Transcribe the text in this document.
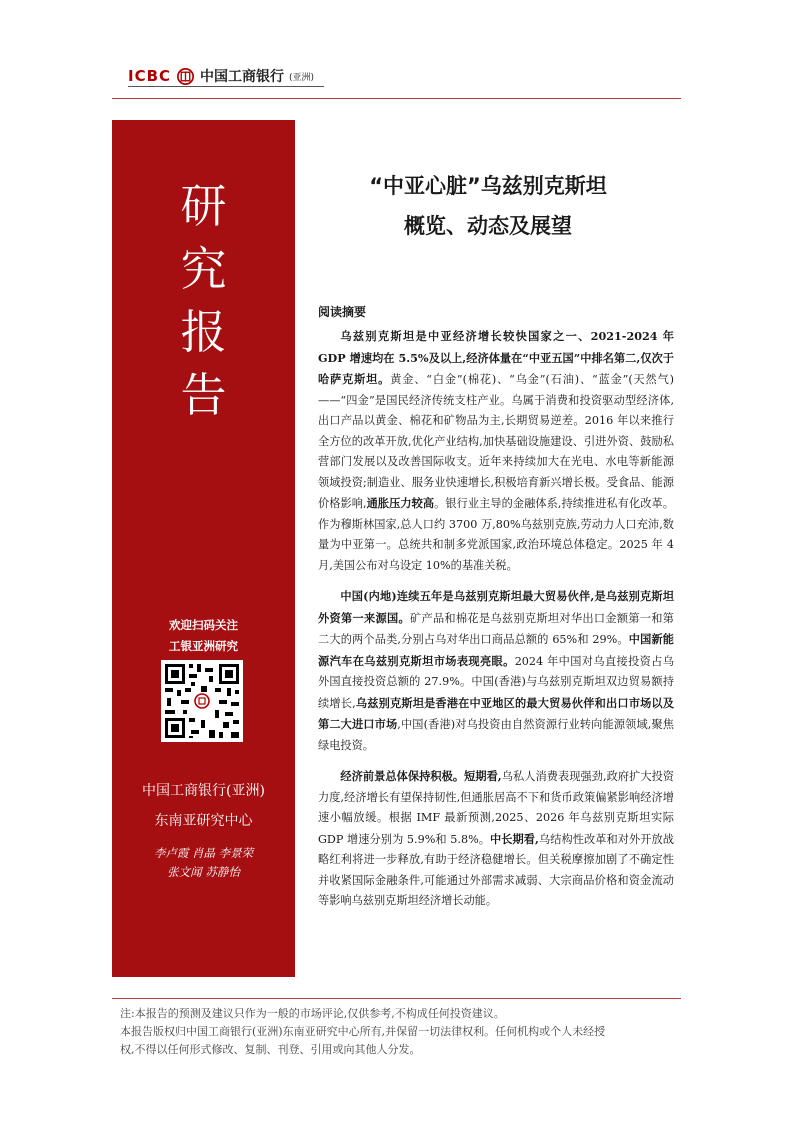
ICBC 中国工商银行 (亚洲)
研
究
报
告
欢迎扫码关注
工银亚洲研究
中国工商银行(亚洲)
东南亚研究中心
李卢霞 肖晶 李景荣
张文闻 苏静怡
“中亚心脏”乌兹别克斯坦
概览、动态及展望
阅读摘要

乌兹别克斯坦是中亚经济增长较快国家之一、2021-2024 年 GDP 增速均在 5.5%及以上,经济体量在“中亚五国”中排名第二,仅次于哈萨克斯坦。黄金、“白金”(棉花)、“乌金”(石油)、“蓝金”(天然气)——“四金”是国民经济传统支柱产业。乌属于消费和投资驱动型经济体,出口产品以黄金、棉花和矿物品为主,长期贸易逆差。2016 年以来推行全方位的改革开放,优化产业结构,加快基础设施建设、引进外资、鼓励私营部门发展以及改善国际收支。近年来持续加大在光电、水电等新能源领域投资;制造业、服务业快速增长,积极培育新兴增长极。受食品、能源价格影响,通胀压力较高。银行业主导的金融体系,持续推进私有化改革。作为穆斯林国家,总人口约 3700 万,80%乌兹别克族,劳动力人口充沛,数量为中亚第一。总统共和制多党派国家,政治环境总体稳定。2025 年 4 月,美国公布对乌设定 10%的基准关税。

中国(内地)连续五年是乌兹别克斯坦最大贸易伙伴,是乌兹别克斯坦外资第一来源国。矿产品和棉花是乌兹别克斯坦对华出口金额第一和第二大的两个品类,分别占乌对华出口商品总额的 65%和 29%。中国新能源汽车在乌兹别克斯坦市场表现亮眼。2024 年中国对乌直接投资占乌外国直接投资总额的 27.9%。中国(香港)与乌兹别克斯坦双边贸易额持续增长,乌兹别克斯坦是香港在中亚地区的最大贸易伙伴和出口市场以及第二大进口市场,中国(香港)对乌投资由自然资源行业转向能源领域,聚焦绿电投资。

经济前景总体保持积极。短期看,乌私人消费表现强劲,政府扩大投资力度,经济增长有望保持韧性,但通胀居高不下和货币政策偏紧影响经济增速小幅放缓。根据 IMF 最新预测,2025、2026 年乌兹别克斯坦实际 GDP 增速分别为 5.9%和 5.8%。中长期看,乌结构性改革和对外开放战略红利将进一步释放,有助于经济稳健增长。但关税摩擦加剧了不确定性并收紧国际金融条件,可能通过外部需求减弱、大宗商品价格和资金流动等影响乌兹别克斯坦经济增长动能。

注:本报告的预测及建议只作为一般的市场评论,仅供参考,不构成任何投资建议。
本报告版权归中国工商银行(亚洲)东南亚研究中心所有,并保留一切法律权利。任何机构或个人未经授
权,不得以任何形式修改、复制、刊登、引用或向其他人分发。
